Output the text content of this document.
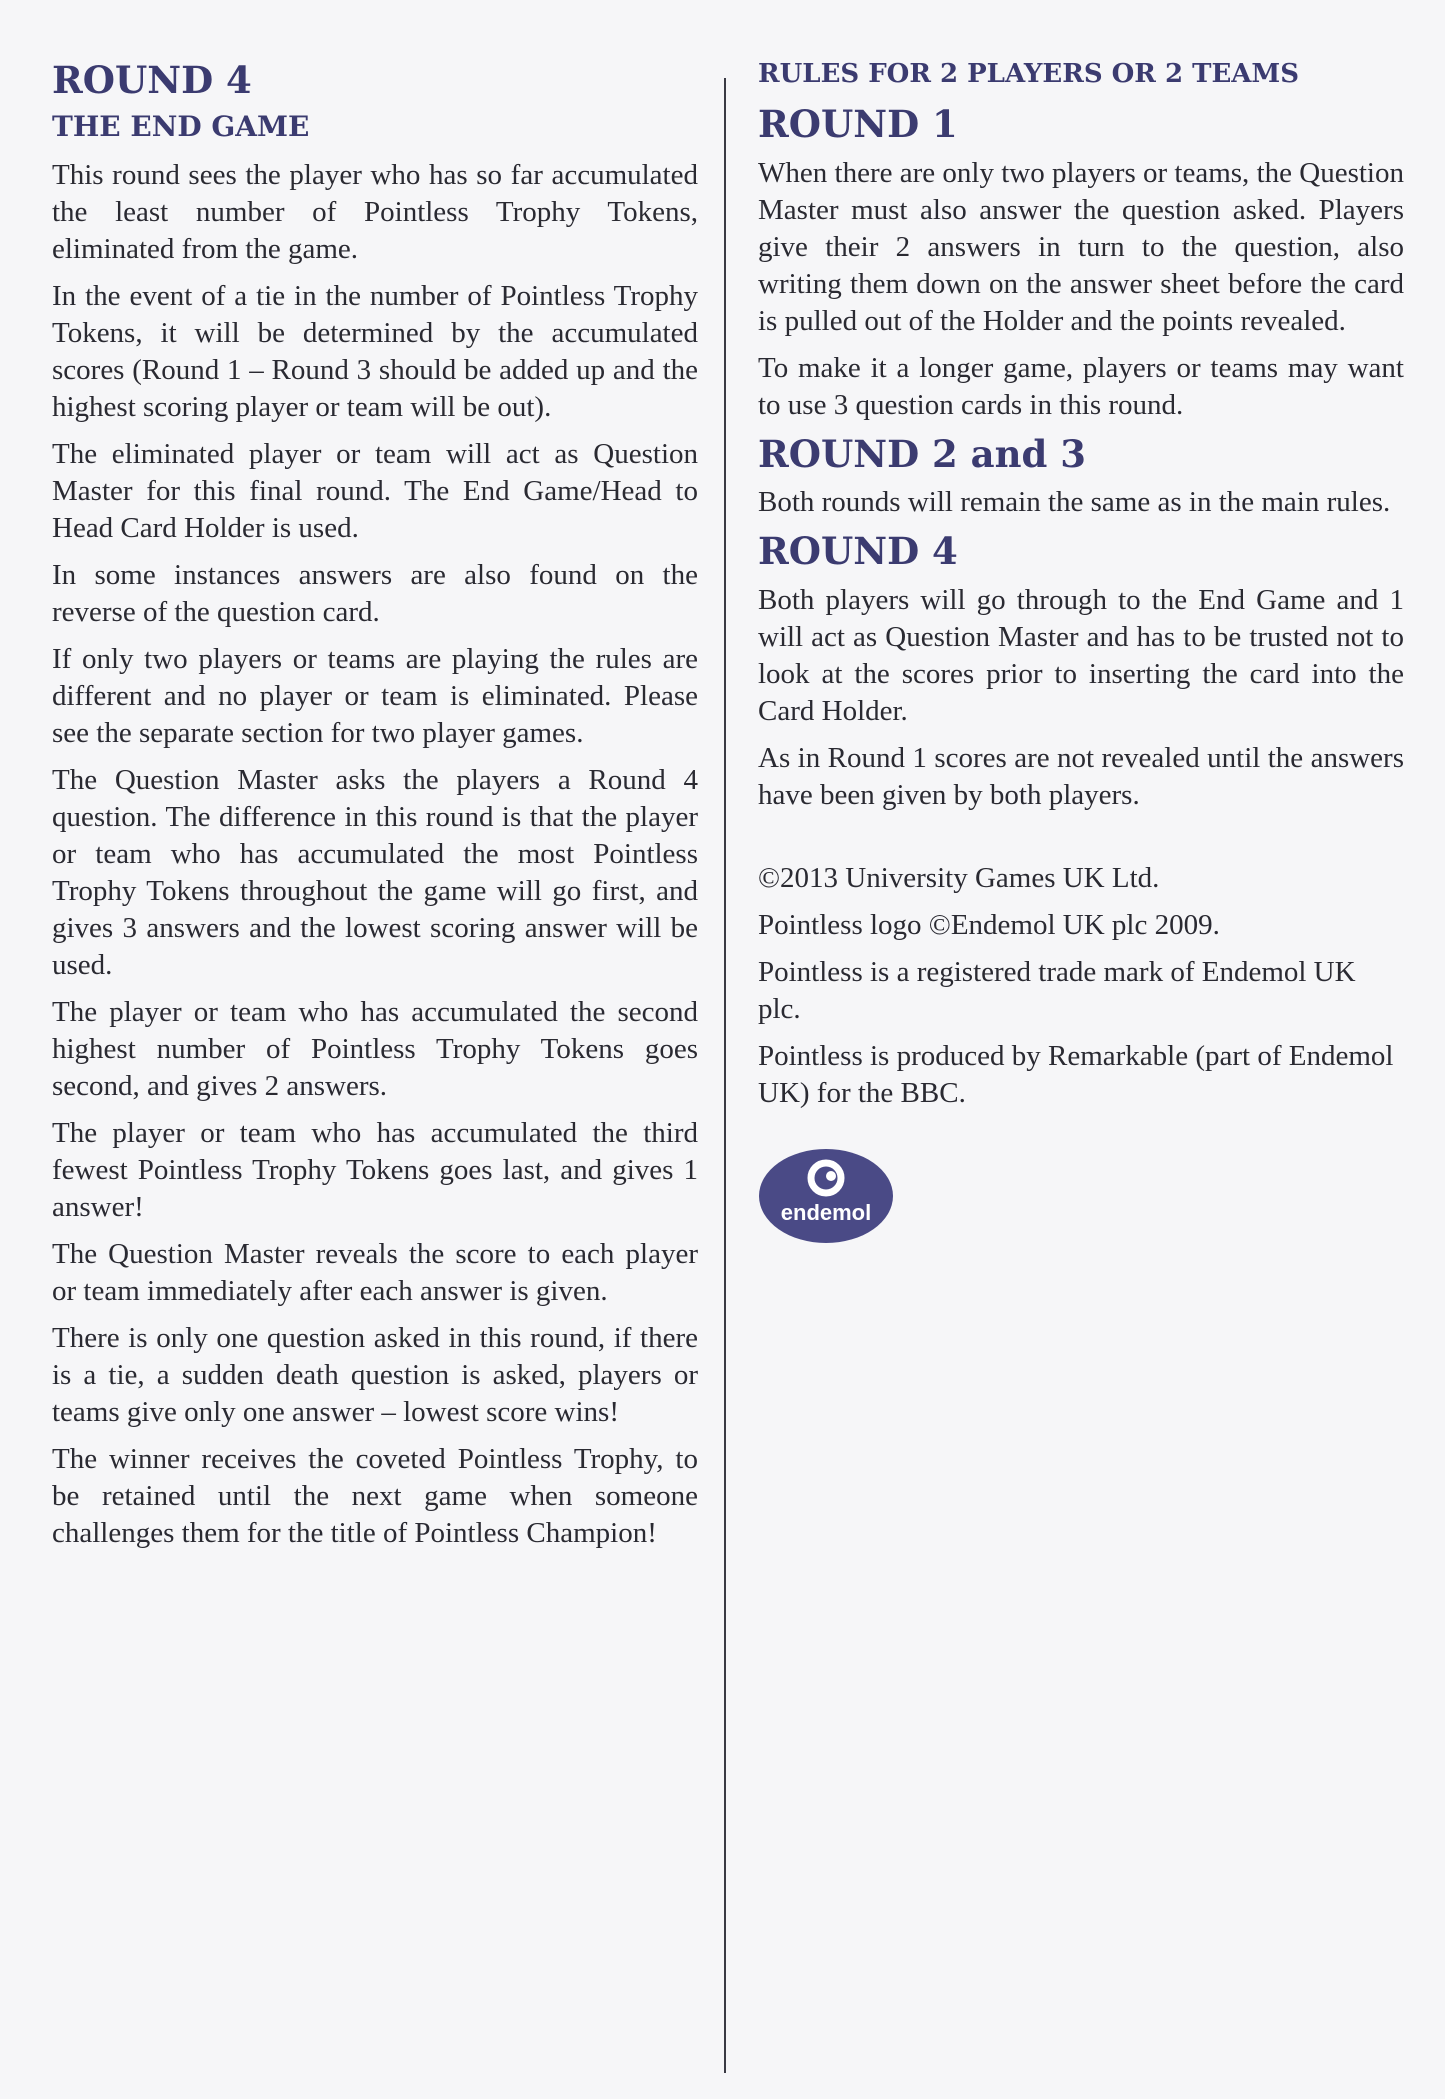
ROUND 4
THE END GAME

This round sees the player who has so far accumulated the least number of Pointless Trophy Tokens, eliminated from the game.

In the event of a tie in the number of Pointless Trophy Tokens, it will be determined by the accumulated scores (Round 1 – Round 3 should be added up and the highest scoring player or team will be out).

The eliminated player or team will act as Question Master for this final round. The End Game/Head to Head Card Holder is used.

In some instances answers are also found on the reverse of the question card.

If only two players or teams are playing the rules are different and no player or team is eliminated. Please see the separate section for two player games.

The Question Master asks the players a Round 4 question. The difference in this round is that the player or team who has accumulated the most Pointless Trophy Tokens throughout the game will go first, and gives 3 answers and the lowest scoring answer will be used.

The player or team who has accumulated the second highest number of Pointless Trophy Tokens goes second, and gives 2 answers.

The player or team who has accumulated the third fewest Pointless Trophy Tokens goes last, and gives 1 answer!

The Question Master reveals the score to each player or team immediately after each answer is given.

There is only one question asked in this round, if there is a tie, a sudden death question is asked, players or teams give only one answer – lowest score wins!

The winner receives the coveted Pointless Trophy, to be retained until the next game when someone challenges them for the title of Pointless Champion!

RULES FOR 2 PLAYERS OR 2 TEAMS
ROUND 1

When there are only two players or teams, the Question Master must also answer the question asked. Players give their 2 answers in turn to the question, also writing them down on the answer sheet before the card is pulled out of the Holder and the points revealed.

To make it a longer game, players or teams may want to use 3 question cards in this round.

ROUND 2 and 3

Both rounds will remain the same as in the main rules.

ROUND 4

Both players will go through to the End Game and 1 will act as Question Master and has to be trusted not to look at the scores prior to inserting the card into the Card Holder.

As in Round 1 scores are not revealed until the answers have been given by both players.

©2013 University Games UK Ltd.

Pointless logo ©Endemol UK plc 2009.

Pointless is a registered trade mark of Endemol UK plc.

Pointless is produced by Remarkable (part of Endemol UK) for the BBC.

endemol
